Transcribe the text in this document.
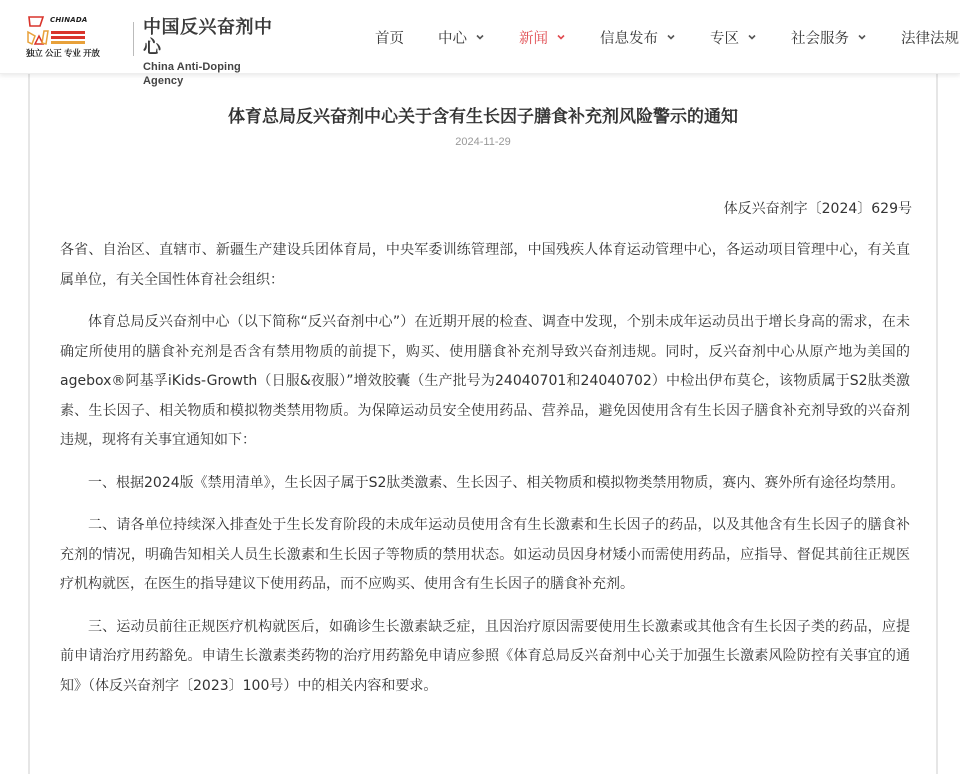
CHINADA
独立 公正 专业 开放
中国反兴奋剂中心
China Anti-Doping Agency
首页 中心	新闻	信息发布	专区	社会服务	法律法规
体育总局反兴奋剂中心关于含有生长因子膳食补充剂风险警示的通知
2024-11-29
体反兴奋剂字〔2024〕629号

各省、自治区、直辖市、新疆生产建设兵团体育局，中央军委训练管理部，中国残疾人体育运动管理中心，各运动项目管理中心，有关直属单位，有关全国性体育社会组织：

体育总局反兴奋剂中心（以下简称“反兴奋剂中心”）在近期开展的检查、调查中发现，个别未成年运动员出于增长身高的需求，在未确定所使用的膳食补充剂是否含有禁用物质的前提下，购买、使用膳食补充剂导致兴奋剂违规。同时，反兴奋剂中心从原产地为美国的agebox®阿基孚iKids-Growth（日服&夜服）”增效胶囊（生产批号为24040701和24040702）中检出伊布莫仑，该物质属于S2肽类激素、生长因子、相关物质和模拟物类禁用物质。为保障运动员安全使用药品、营养品，避免因使用含有生长因子膳食补充剂导致的兴奋剂违规，现将有关事宜通知如下：

一、根据2024版《禁用清单》，生长因子属于S2肽类激素、生长因子、相关物质和模拟物类禁用物质，赛内、赛外所有途径均禁用。

二、请各单位持续深入排查处于生长发育阶段的未成年运动员使用含有生长激素和生长因子的药品，以及其他含有生长因子的膳食补充剂的情况，明确告知相关人员生长激素和生长因子等物质的禁用状态。如运动员因身材矮小而需使用药品，应指导、督促其前往正规医疗机构就医，在医生的指导建议下使用药品，而不应购买、使用含有生长因子的膳食补充剂。

三、运动员前往正规医疗机构就医后，如确诊生长激素缺乏症，且因治疗原因需要使用生长激素或其他含有生长因子类的药品，应提前申请治疗用药豁免。申请生长激素类药物的治疗用药豁免申请应参照《体育总局反兴奋剂中心关于加强生长激素风险防控有关事宜的通知》（体反兴奋剂字〔2023〕100号）中的相关内容和要求。
